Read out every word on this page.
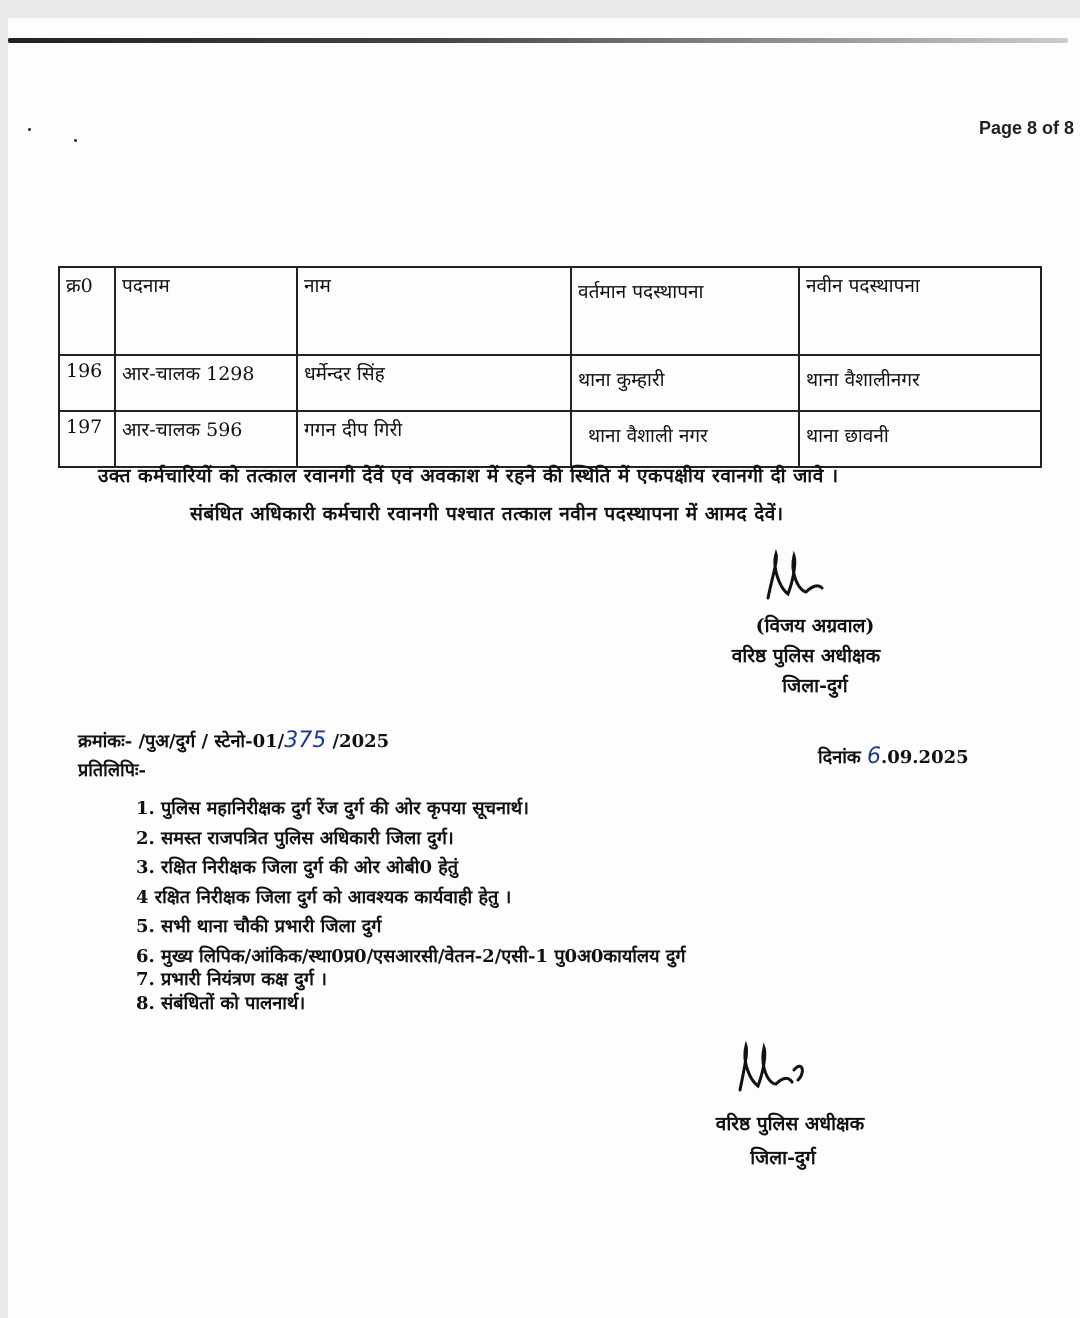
Page 8 of 8
क्र0	पदनाम	नाम	वर्तमान पदस्थापना	नवीन पदस्थापना
196	आर-चालक 1298	धर्मेन्दर सिंह	थाना कुम्हारी	थाना वैशालीनगर
197	आर-चालक 596	गगन दीप गिरी	थाना वैशाली नगर	थाना छावनी
उक्त कर्मचारियों को तत्काल रवानगी देवें एवं अवकाश में रहने की स्थिति में एकपक्षीय रवानगी दी जावे ।
संबंधित अधिकारी कर्मचारी रवानगी पश्चात तत्काल नवीन पदस्थापना में आमद देवें।
(विजय अग्रवाल)
वरिष्ठ पुलिस अधीक्षक
जिला-दुर्ग
क्रमांकः- /पुअ/दुर्ग / स्टेनो-01/375 /2025
दिनांक 6.09.2025
प्रतिलिपिः-
1. पुलिस महानिरीक्षक दुर्ग रेंज दुर्ग की ओर कृपया सूचनार्थ।
2. समस्त राजपत्रित पुलिस अधिकारी जिला दुर्ग।
3. रक्षित निरीक्षक जिला दुर्ग की ओर ओबी0 हेतुं
4 रक्षित निरीक्षक जिला दुर्ग को आवश्यक कार्यवाही हेतु ।
5. सभी थाना चौकी प्रभारी जिला दुर्ग
6. मुख्य लिपिक/आंकिक/स्था0प्र0/एसआरसी/वेतन-2/एसी-1 पु0अ0कार्यालय दुर्ग
7. प्रभारी नियंत्रण कक्ष दुर्ग ।
8. संबंधितों को पालनार्थ।
वरिष्ठ पुलिस अधीक्षक
जिला-दुर्ग
